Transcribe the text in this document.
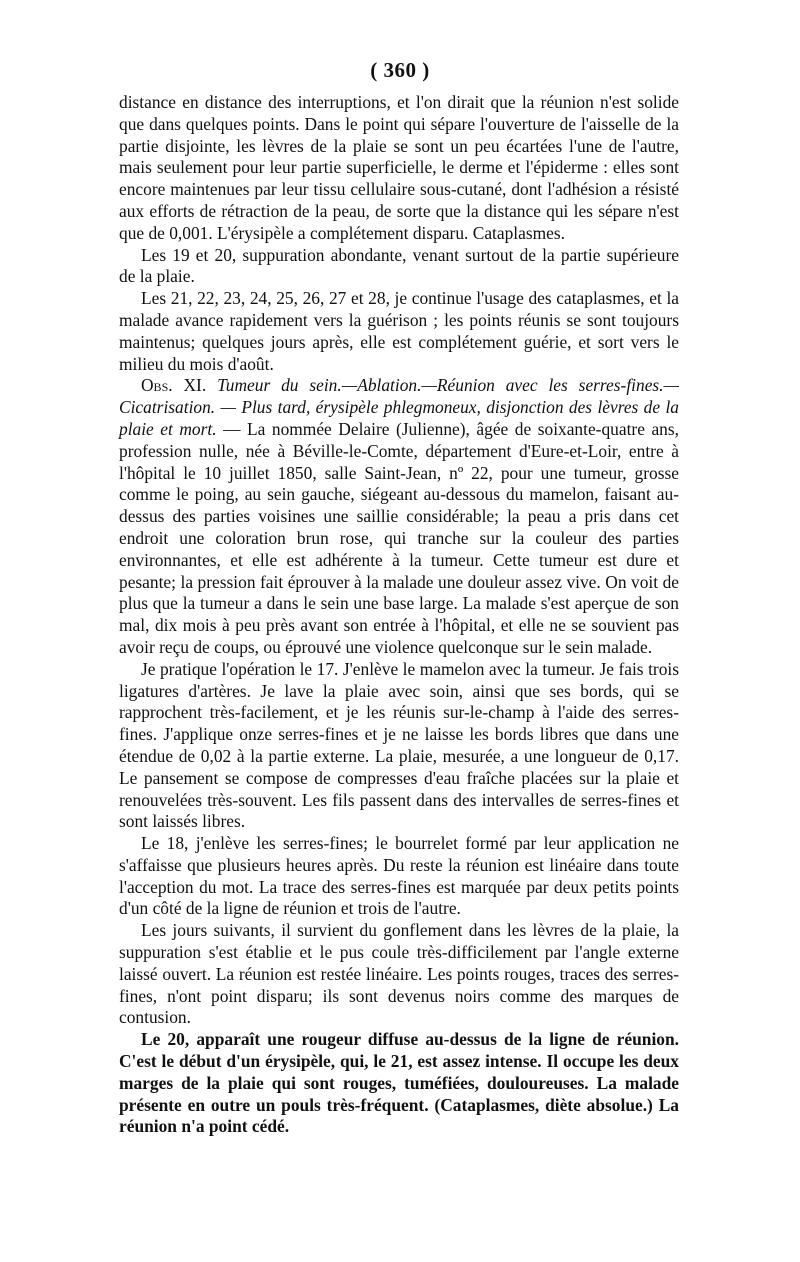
( 360 )

distance en distance des interruptions, et l'on dirait que la réunion n'est solide que dans quelques points. Dans le point qui sépare l'ouverture de l'aisselle de la partie disjointe, les lèvres de la plaie se sont un peu écartées l'une de l'autre, mais seulement pour leur partie superficielle, le derme et l'épiderme : elles sont encore maintenues par leur tissu cellulaire sous-cutané, dont l'adhésion a résisté aux efforts de rétraction de la peau, de sorte que la distance qui les sépare n'est que de 0,001. L'érysipèle a complétement disparu. Cataplasmes.

Les 19 et 20, suppuration abondante, venant surtout de la partie supérieure de la plaie.

Les 21, 22, 23, 24, 25, 26, 27 et 28, je continue l'usage des cataplasmes, et la malade avance rapidement vers la guérison ; les points réunis se sont toujours maintenus; quelques jours après, elle est complétement guérie, et sort vers le milieu du mois d'août.

Obs. XI. Tumeur du sein.—Ablation.—Réunion avec les serres-fines.—Cicatrisation. — Plus tard, érysipèle phlegmoneux, disjonction des lèvres de la plaie et mort. — La nommée Delaire (Julienne), âgée de soixante-quatre ans, profession nulle, née à Béville-le-Comte, département d'Eure-et-Loir, entre à l'hôpital le 10 juillet 1850, salle Saint-Jean, nº 22, pour une tumeur, grosse comme le poing, au sein gauche, siégeant au-dessous du mamelon, faisant au-dessus des parties voisines une saillie considérable; la peau a pris dans cet endroit une coloration brun rose, qui tranche sur la couleur des parties environnantes, et elle est adhérente à la tumeur. Cette tumeur est dure et pesante; la pression fait éprouver à la malade une douleur assez vive. On voit de plus que la tumeur a dans le sein une base large. La malade s'est aperçue de son mal, dix mois à peu près avant son entrée à l'hôpital, et elle ne se souvient pas avoir reçu de coups, ou éprouvé une violence quelconque sur le sein malade.

Je pratique l'opération le 17. J'enlève le mamelon avec la tumeur. Je fais trois ligatures d'artères. Je lave la plaie avec soin, ainsi que ses bords, qui se rapprochent très-facilement, et je les réunis sur-le-champ à l'aide des serres-fines. J'applique onze serres-fines et je ne laisse les bords libres que dans une étendue de 0,02 à la partie externe. La plaie, mesurée, a une longueur de 0,17. Le pansement se compose de compresses d'eau fraîche placées sur la plaie et renouvelées très-souvent. Les fils passent dans des intervalles de serres-fines et sont laissés libres.

Le 18, j'enlève les serres-fines; le bourrelet formé par leur application ne s'affaisse que plusieurs heures après. Du reste la réunion est linéaire dans toute l'acception du mot. La trace des serres-fines est marquée par deux petits points d'un côté de la ligne de réunion et trois de l'autre.

Les jours suivants, il survient du gonflement dans les lèvres de la plaie, la suppuration s'est établie et le pus coule très-difficilement par l'angle externe laissé ouvert. La réunion est restée linéaire. Les points rouges, traces des serres-fines, n'ont point disparu; ils sont devenus noirs comme des marques de contusion.

Le 20, apparaît une rougeur diffuse au-dessus de la ligne de réunion. C'est le début d'un érysipèle, qui, le 21, est assez intense. Il occupe les deux marges de la plaie qui sont rouges, tuméfiées, douloureuses. La malade présente en outre un pouls très-fréquent. (Cataplasmes, diète absolue.) La réunion n'a point cédé.
